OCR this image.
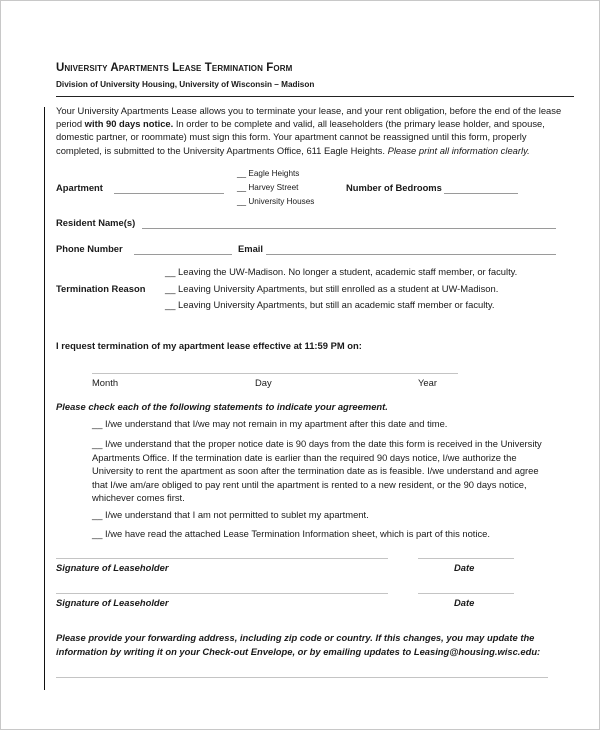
University Apartments Lease Termination Form
Division of University Housing, University of Wisconsin – Madison
Your University Apartments Lease allows you to terminate your lease, and your rent obligation, before the end of the lease period with 90 days notice. In order to be complete and valid, all leaseholders (the primary lease holder, and spouse, domestic partner, or roommate) must sign this form. Your apartment cannot be reassigned until this form, properly completed, is submitted to the University Apartments Office, 611 Eagle Heights. Please print all information clearly.
Apartment
__ Eagle Heights
__ Harvey Street
__ University Houses
Number of Bedrooms
Resident Name(s)
Phone Number	Email
Termination Reason
__ Leaving the UW-Madison. No longer a student, academic staff member, or faculty.
__ Leaving University Apartments, but still enrolled as a student at UW-Madison.
__ Leaving University Apartments, but still an academic staff member or faculty.
I request termination of my apartment lease effective at 11:59 PM on:
Month	Day	Year
Please check each of the following statements to indicate your agreement.
__ I/we understand that I/we may not remain in my apartment after this date and time.
__ I/we understand that the proper notice date is 90 days from the date this form is received in the University Apartments Office. If the termination date is earlier than the required 90 days notice, I/we authorize the University to rent the apartment as soon after the termination date as is feasible. I/we understand and agree that I/we am/are obliged to pay rent until the apartment is rented to a new resident, or the 90 days notice, whichever comes first.
__ I/we understand that I am not permitted to sublet my apartment.
__ I/we have read the attached Lease Termination Information sheet, which is part of this notice.
Signature of Leaseholder	Date
Signature of Leaseholder	Date
Please provide your forwarding address, including zip code or country. If this changes, you may update the information by writing it on your Check-out Envelope, or by emailing updates to Leasing@housing.wisc.edu:
